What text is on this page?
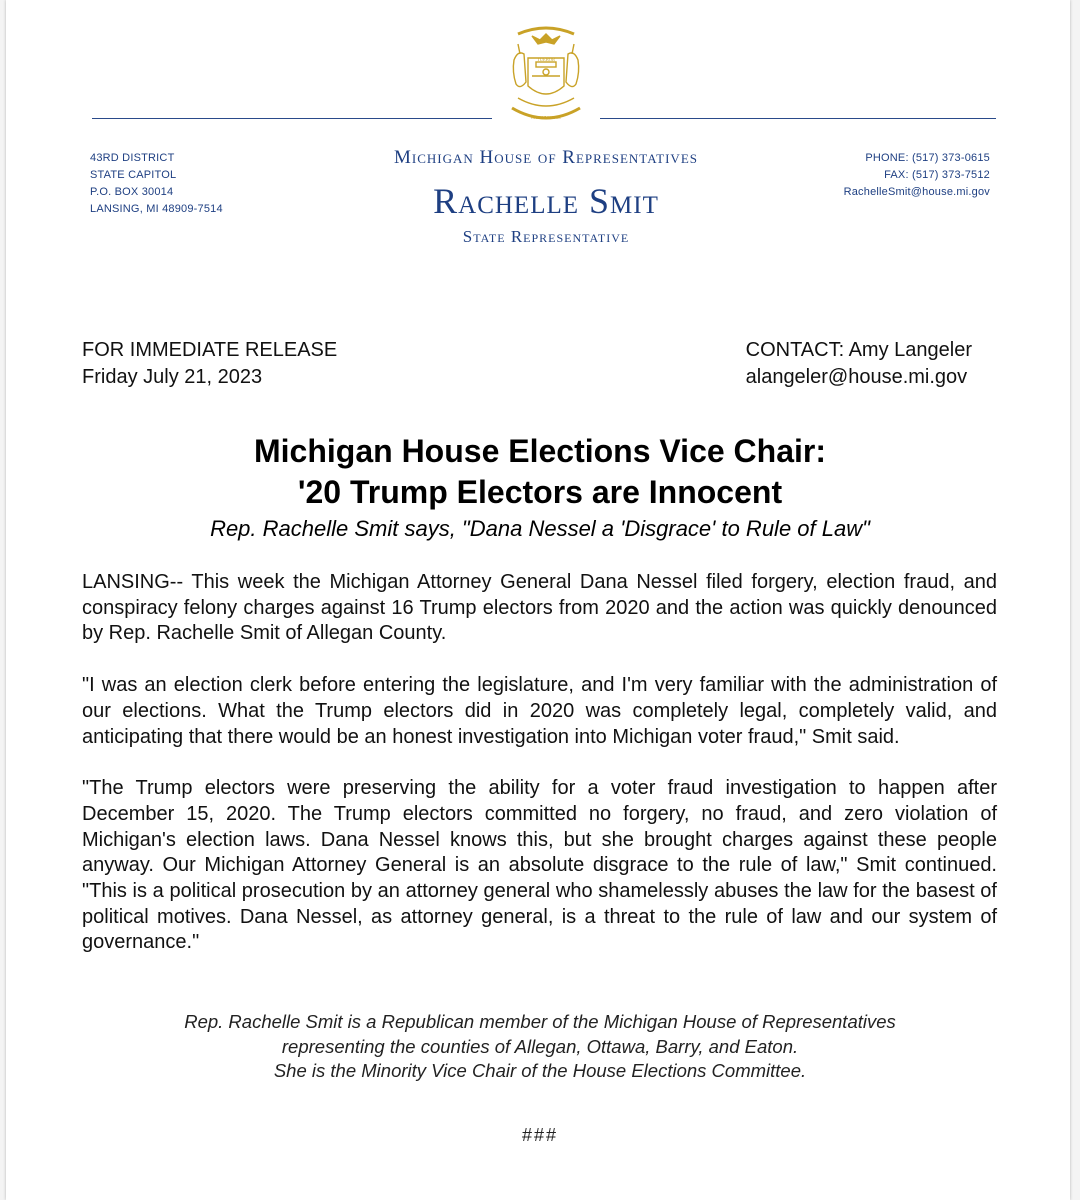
TUEBOR
CIRCUMSPICE
43RD DISTRICT
STATE CAPITOL
P.O. BOX 30014
LANSING, MI 48909-7514
PHONE: (517) 373-0615
FAX: (517) 373-7512
RachelleSmit@house.mi.gov
Michigan House of Representatives
Rachelle Smit
State Representative
FOR IMMEDIATE RELEASE
Friday July 21, 2023
CONTACT: Amy Langeler
alangeler@house.mi.gov
Michigan House Elections Vice Chair:
'20 Trump Electors are Innocent
Rep. Rachelle Smit says, "Dana Nessel a 'Disgrace' to Rule of Law"

LANSING-- This week the Michigan Attorney General Dana Nessel filed forgery, election fraud, and conspiracy felony charges against 16 Trump electors from 2020 and the action was quickly denounced by Rep. Rachelle Smit of Allegan County.

"I was an election clerk before entering the legislature, and I'm very familiar with the administration of our elections. What the Trump electors did in 2020 was completely legal, completely valid, and anticipating that there would be an honest investigation into Michigan voter fraud," Smit said.

"The Trump electors were preserving the ability for a voter fraud investigation to happen after December 15, 2020. The Trump electors committed no forgery, no fraud, and zero violation of Michigan's election laws. Dana Nessel knows this, but she brought charges against these people anyway. Our Michigan Attorney General is an absolute disgrace to the rule of law," Smit continued. "This is a political prosecution by an attorney general who shamelessly abuses the law for the basest of political motives. Dana Nessel, as attorney general, is a threat to the rule of law and our system of governance."

Rep. Rachelle Smit is a Republican member of the Michigan House of Representatives
representing the counties of Allegan, Ottawa, Barry, and Eaton.
She is the Minority Vice Chair of the House Elections Committee.
###
